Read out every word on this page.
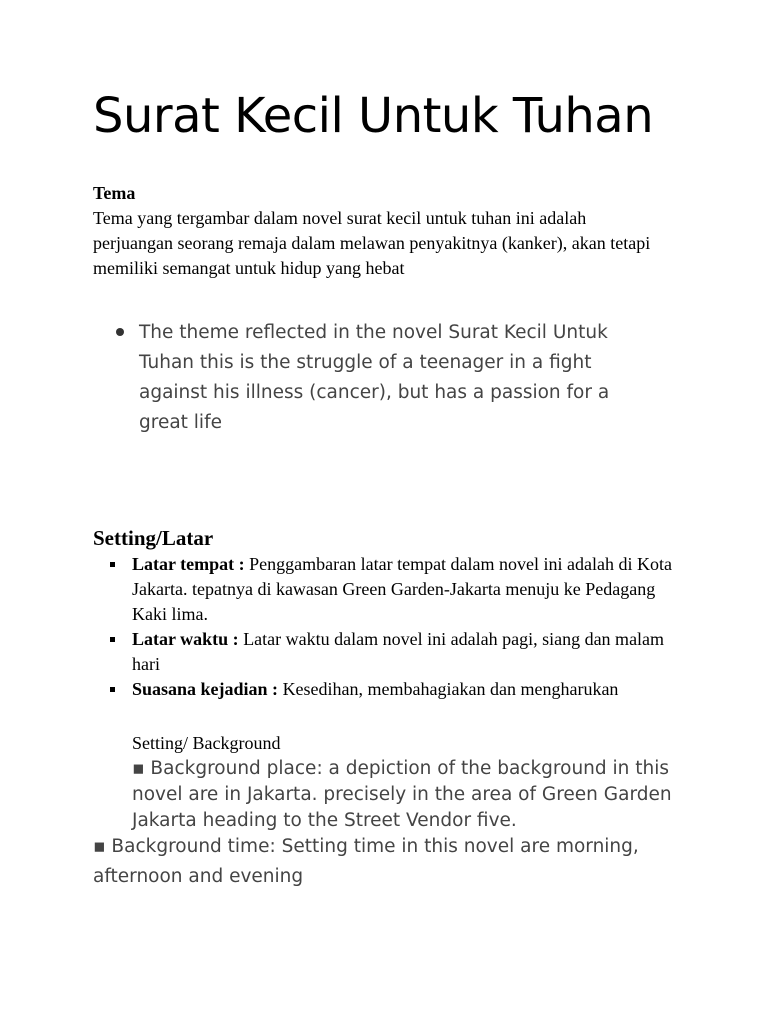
Surat Kecil Untuk Tuhan
Tema
Tema yang tergambar dalam novel surat kecil untuk tuhan ini adalah perjuangan seorang remaja dalam melawan penyakitnya (kanker), akan tetapi memiliki semangat untuk hidup yang hebat
The theme reflected in the novel Surat Kecil Untuk Tuhan this is the struggle of a teenager in a fight against his illness (cancer), but has a passion for a great life
Setting/Latar
Latar tempat : Penggambaran latar tempat dalam novel ini adalah di Kota Jakarta. tepatnya di kawasan Green Garden-Jakarta menuju ke Pedagang Kaki lima.
Latar waktu : Latar waktu dalam novel ini adalah pagi, siang dan malam hari
Suasana kejadian : Kesedihan, membahagiakan dan mengharukan
Setting/ Background
▪ Background place: a depiction of the background in this novel are in Jakarta. precisely in the area of Green Garden Jakarta heading to the Street Vendor five.
▪ Background time: Setting time in this novel are morning, afternoon and evening
